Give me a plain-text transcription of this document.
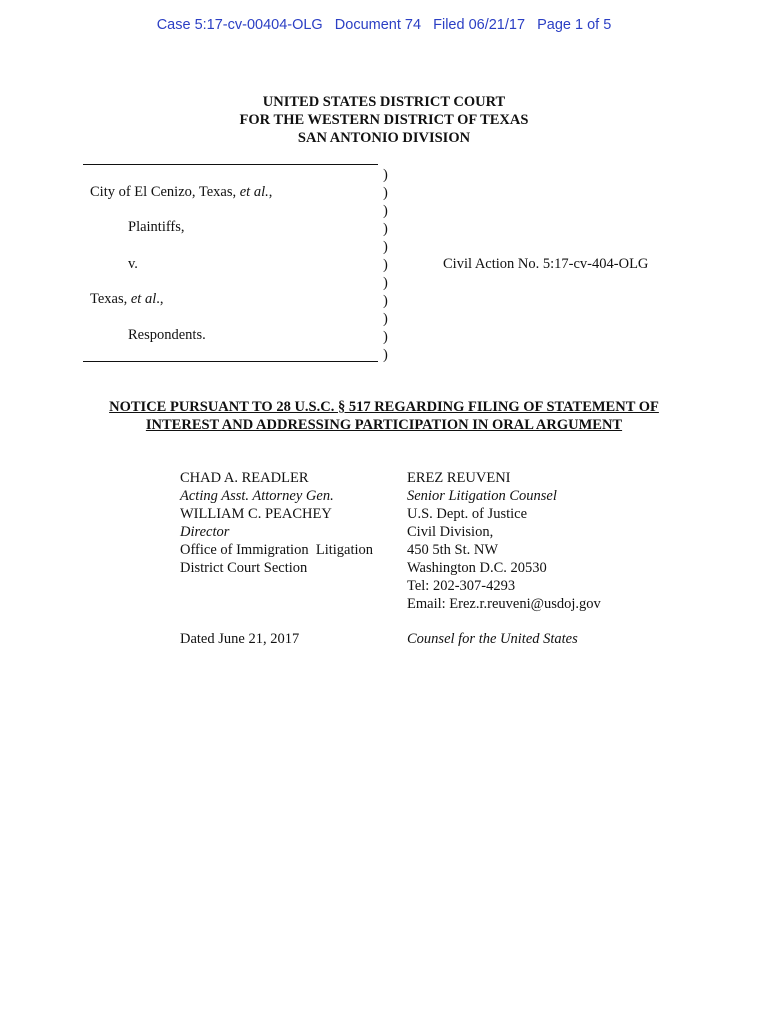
Case 5:17-cv-00404-OLG   Document 74   Filed 06/21/17   Page 1 of 5
UNITED STATES DISTRICT COURT
FOR THE WESTERN DISTRICT OF TEXAS
SAN ANTONIO DIVISION
City of El Cenizo, Texas, et al.,
Plaintiffs,
v.
Texas, et al.,
Respondents.
)
)
)
)
)
)
)
)
)
)
)
Civil Action No. 5:17-cv-404-OLG
NOTICE PURSUANT TO 28 U.S.C. § 517 REGARDING FILING OF STATEMENT OF
INTEREST AND ADDRESSING PARTICIPATION IN ORAL ARGUMENT
CHAD A. READLER
Acting Asst. Attorney Gen.
WILLIAM C. PEACHEY
Director
Office of Immigration  Litigation
District Court Section
Dated June 21, 2017
EREZ REUVENI
Senior Litigation Counsel
U.S. Dept. of Justice
Civil Division,
450 5th St. NW
Washington D.C. 20530
Tel: 202-307-4293
Email: Erez.r.reuveni@usdoj.gov
Counsel for the United States
